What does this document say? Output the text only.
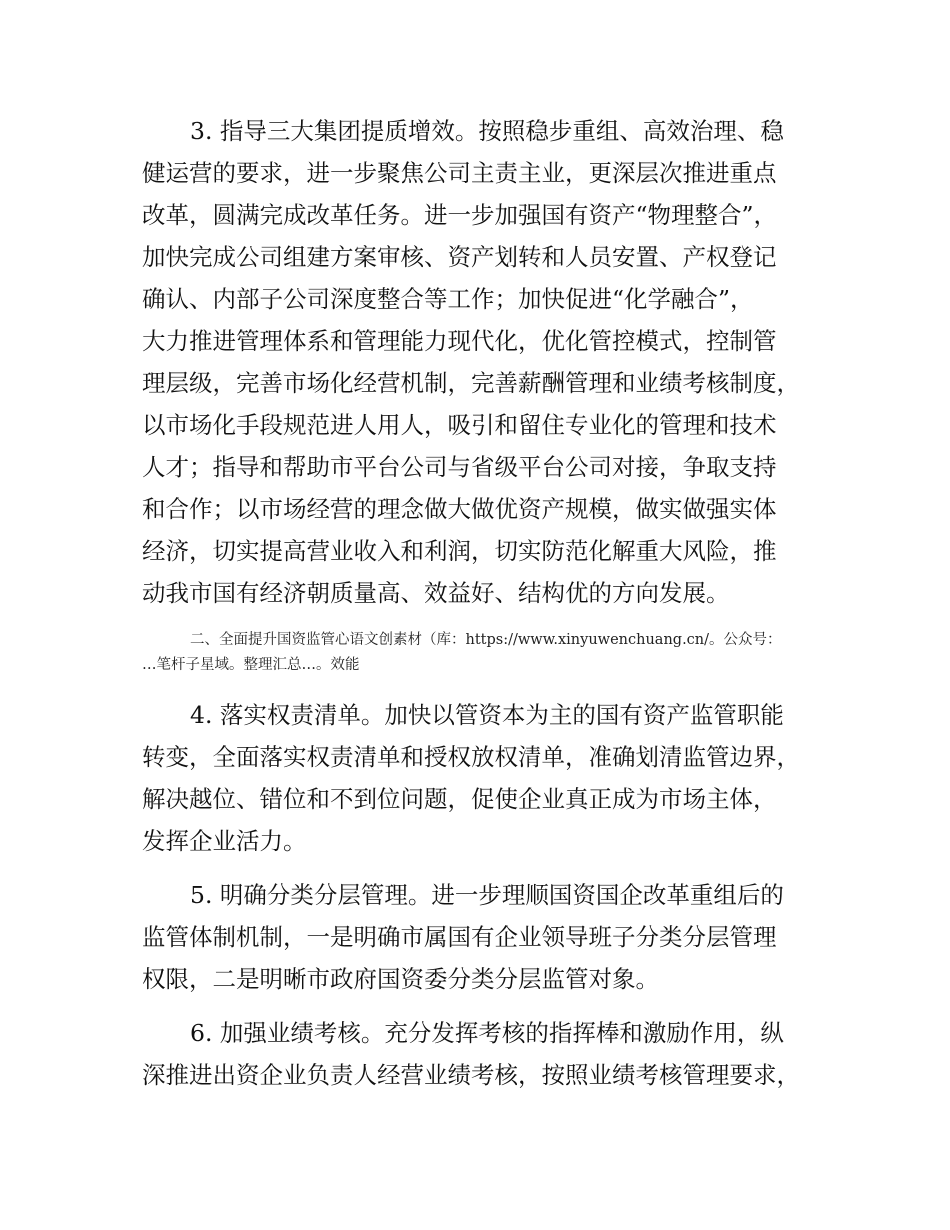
3. 指导三大集团提质增效。按照稳步重组、高效治理、稳
健运营的要求，进一步聚焦公司主责主业，更深层次推进重点
改革，圆满完成改革任务。进一步加强国有资产“物理整合”，
加快完成公司组建方案审核、资产划转和人员安置、产权登记
确认、内部子公司深度整合等工作；加快促进“化学融合”，
大力推进管理体系和管理能力现代化，优化管控模式，控制管
理层级，完善市场化经营机制，完善薪酬管理和业绩考核制度，
以市场化手段规范进人用人，吸引和留住专业化的管理和技术
人才；指导和帮助市平台公司与省级平台公司对接，争取支持
和合作；以市场经营的理念做大做优资产规模，做实做强实体
经济，切实提高营业收入和利润，切实防范化解重大风险，推
动我市国有经济朝质量高、效益好、结构优的方向发展。
二、全面提升国资监管心语文创素材（库：https://www.xinyuwenchuang.cn/。公众号：
…笔杆子星域。整理汇总…。效能
4. 落实权责清单。加快以管资本为主的国有资产监管职能
转变，全面落实权责清单和授权放权清单，准确划清监管边界，
解决越位、错位和不到位问题，促使企业真正成为市场主体，
发挥企业活力。
5. 明确分类分层管理。进一步理顺国资国企改革重组后的
监管体制机制，一是明确市属国有企业领导班子分类分层管理
权限，二是明晰市政府国资委分类分层监管对象。
6. 加强业绩考核。充分发挥考核的指挥棒和激励作用，纵
深推进出资企业负责人经营业绩考核，按照业绩考核管理要求，
